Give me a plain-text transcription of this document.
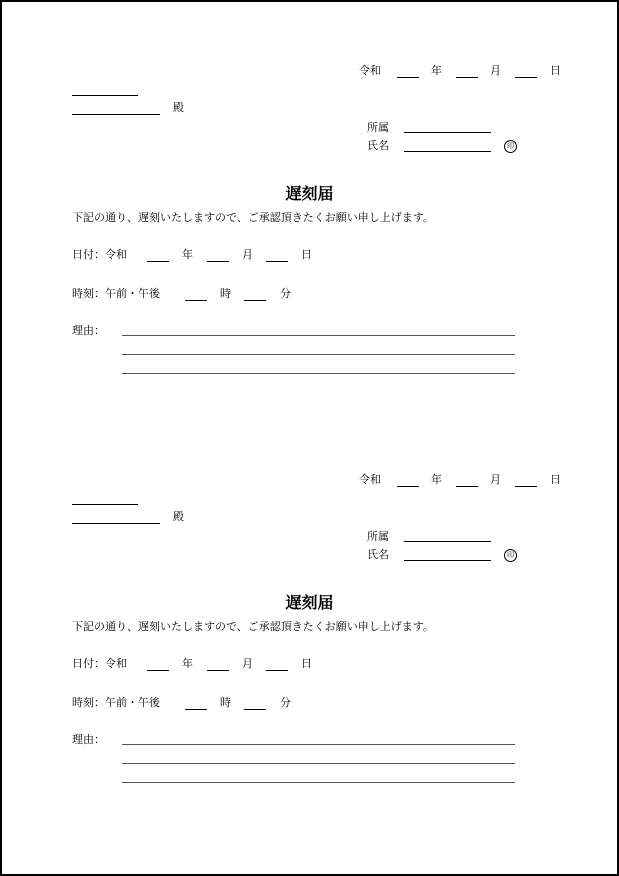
令和	年	月	日
殿
所属
氏名	印
遅刻届
下記の通り、遅刻いたしますので、ご承認頂きたくお願い申し上げます。
日付：令和	年	月	日
時刻：午前・午後	時	分
理由：
令和	年	月	日
殿
所属
氏名	印
遅刻届
下記の通り、遅刻いたしますので、ご承認頂きたくお願い申し上げます。
日付：令和	年	月	日
時刻：午前・午後	時	分
理由：
